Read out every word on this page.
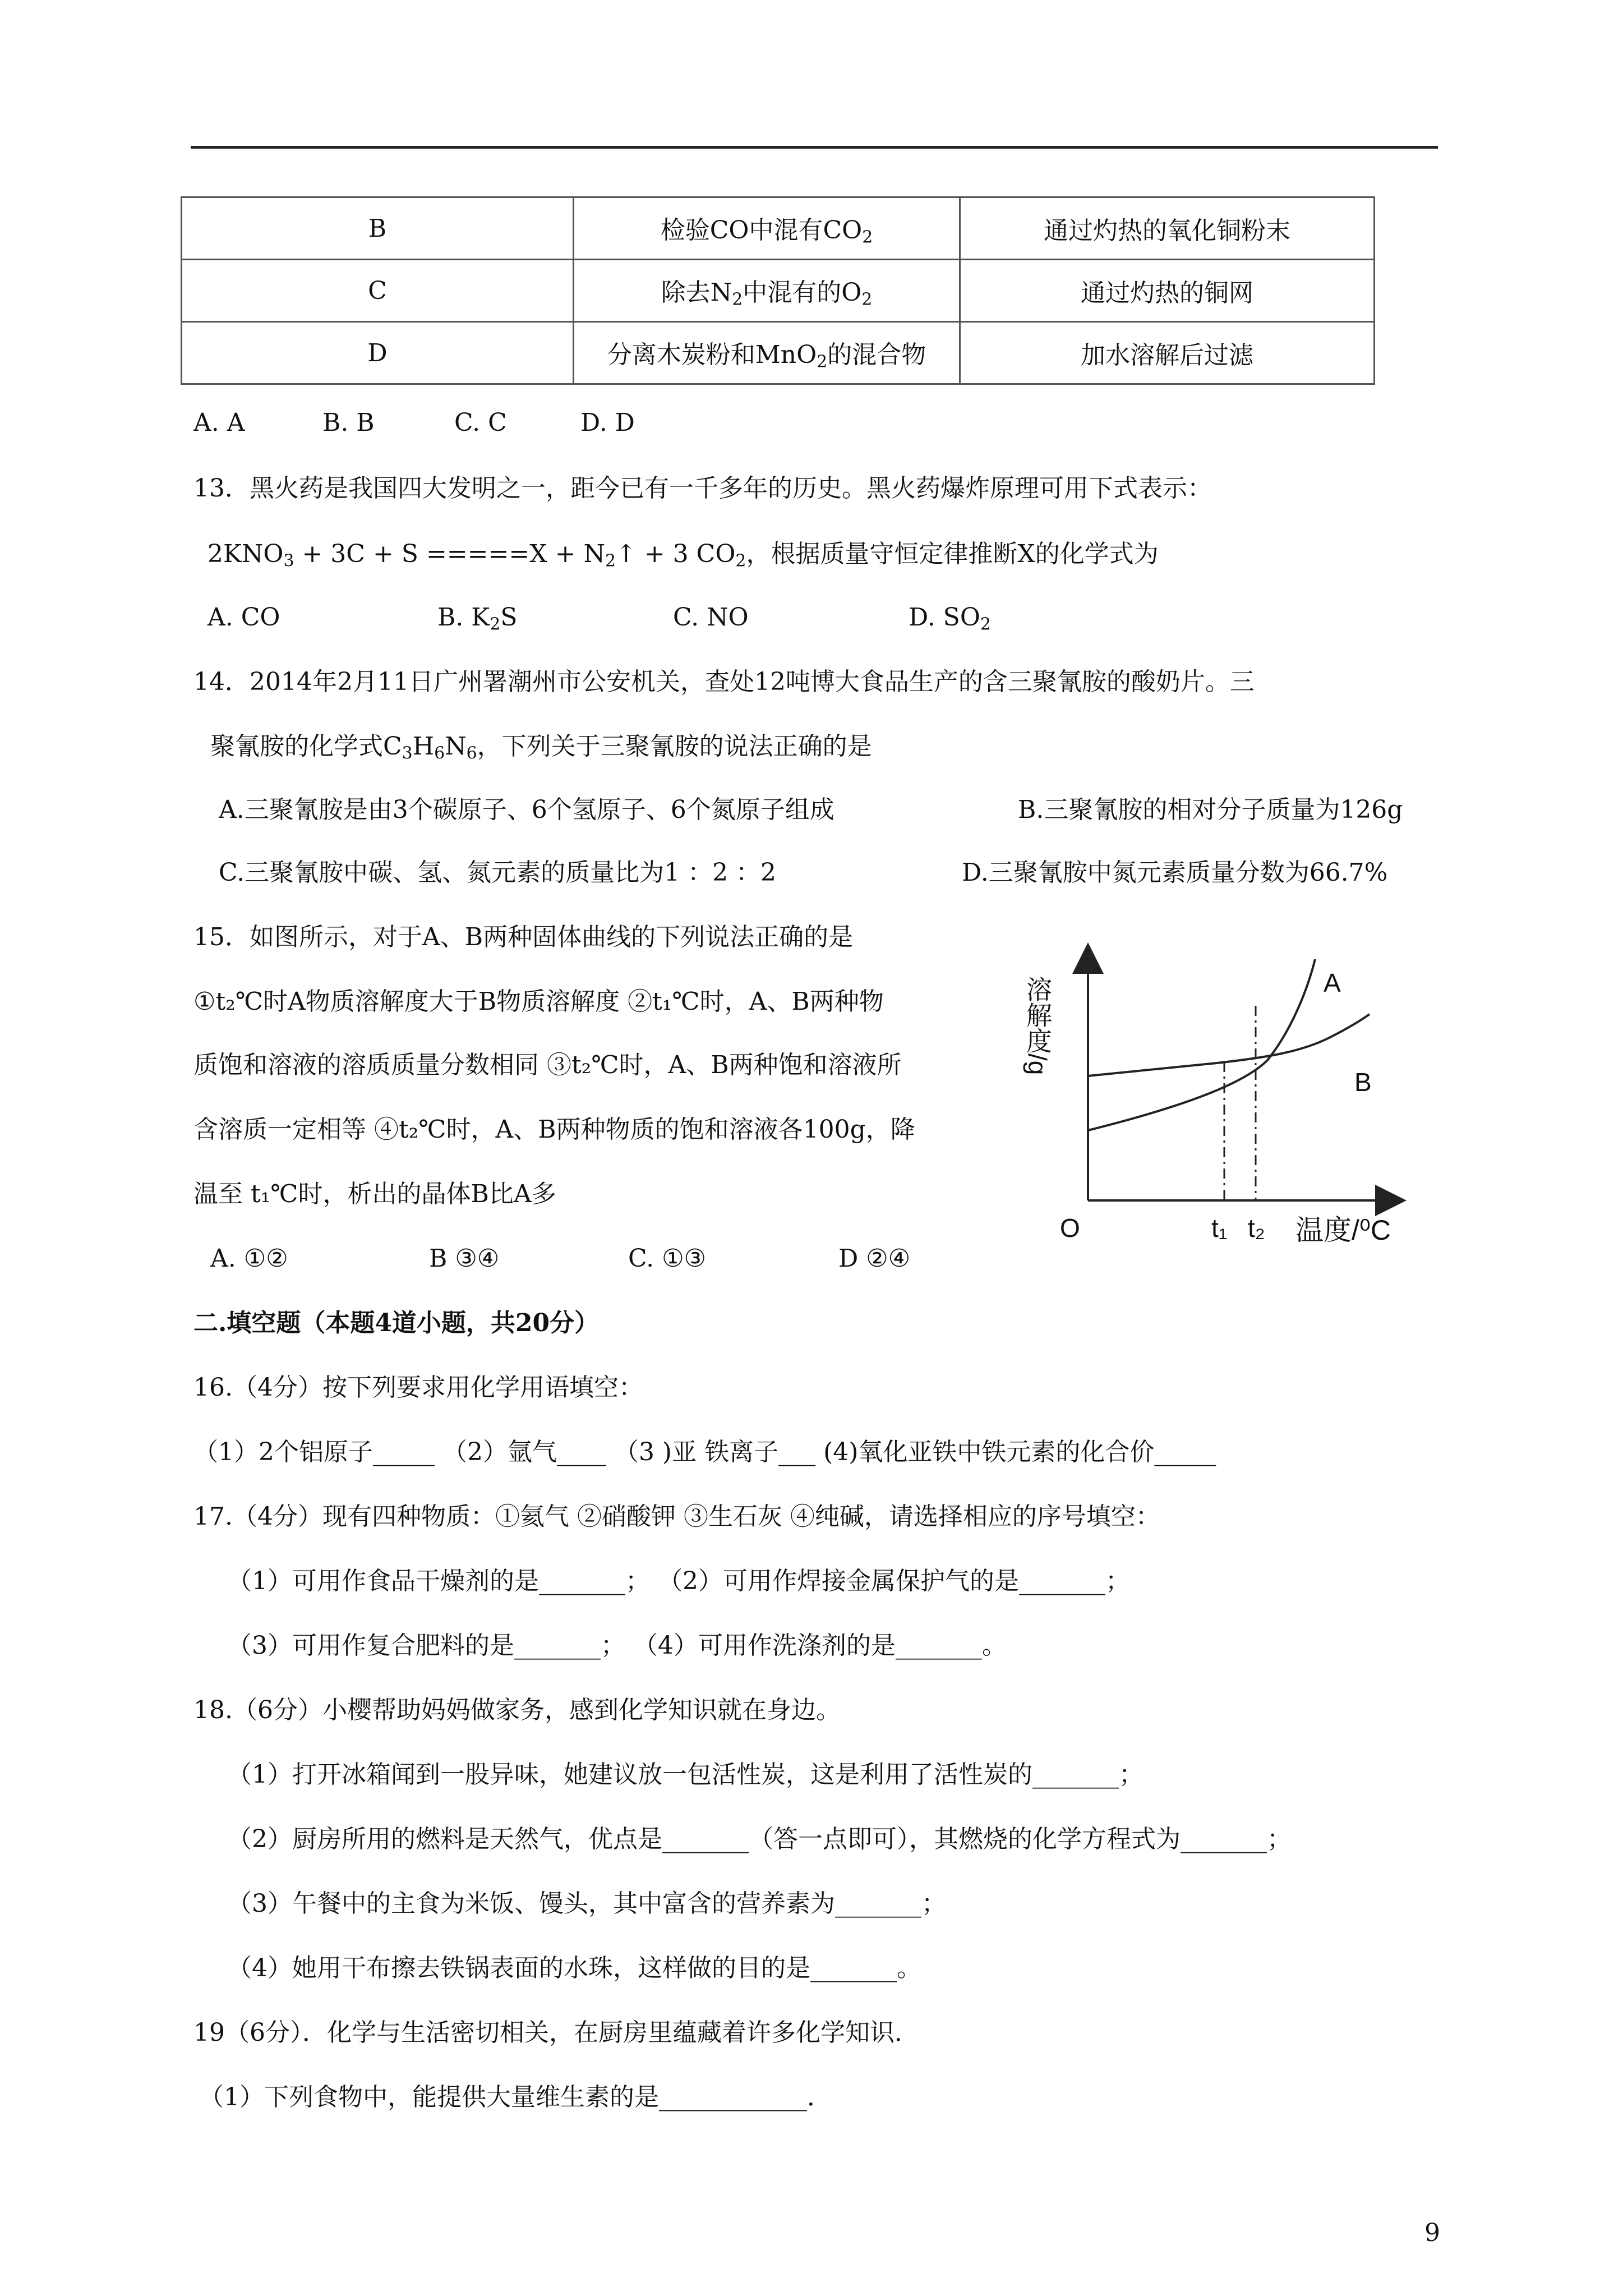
B	检验CO中混有$CO_2$	通过灼热的氧化铜粉末
C	除去$N_2$中混有的$O_2$	通过灼热的铜网
D	分离木炭粉和MnO$_2$的混合物	加水溶解后过滤
A. A	B. B	C. C	D. D
13．黑火药是我国四大发明之一，距今已有一千多年的历史。黑火药爆炸原理可用下式表示：
$2KNO_3 + 3C + S =====X$ + $N_2↑ + 3$ $CO_2$，根据质量守恒定律推断X的化学式为
A. CO	B. $K_2S$	C. NO	D. $SO_2$
14．2014年2月11日广州署潮州市公安机关，查处12吨博大食品生产的含三聚氰胺的酸奶片。三
聚氰胺的化学式$C_3H_6N_6$，下列关于三聚氰胺的说法正确的是
A.三聚氰胺是由3个碳原子、6个氢原子、6个氮原子组成	B.三聚氰胺的相对分子质量为126g
C.三聚氰胺中碳、氢、氮元素的质量比为1 ：2 ：2	D.三聚氰胺中氮元素质量分数为66.7%
15．如图所示，对于A、B两种固体曲线的下列说法正确的是
①t₂℃时A物质溶解度大于B物质溶解度 ②t₁℃时，A、B两种物
质饱和溶液的溶质质量分数相同 ③t₂℃时，A、B两种饱和溶液所
含溶质一定相等 ④t₂℃时，A、B两种物质的饱和溶液各100g，降
温至 t₁℃时，析出的晶体B比A多
A. ①②	B ③④	C. ①③	D ②④
溶解度/g
O
A
B
t₁ t₂ 温度/⁰C
二.填空题（本题4道小题，共20分）
16.（4分）按下列要求用化学用语填空：
（1）2个铝原子_____ （2）氩气____ （3 )亚 铁离子___ (4)氧化亚铁中铁元素的化合价_____
17.（4分）现有四种物质：①氦气 ②硝酸钾 ③生石灰 ④纯碱，请选择相应的序号填空：
（1）可用作食品干燥剂的是_______； （2）可用作焊接金属保护气的是_______；
（3）可用作复合肥料的是_______； （4）可用作洗涤剂的是_______。
18.（6分）小樱帮助妈妈做家务，感到化学知识就在身边。
（1）打开冰箱闻到一股异味，她建议放一包活性炭，这是利用了活性炭的_______；
（2）厨房所用的燃料是天然气，优点是_______（答一点即可），其燃烧的化学方程式为_______；
（3）午餐中的主食为米饭、馒头，其中富含的营养素为_______；
（4）她用干布擦去铁锅表面的水珠，这样做的目的是_______。
19（6分）．化学与生活密切相关，在厨房里蕴藏着许多化学知识．
（1）下列食物中，能提供大量维生素的是____________．
9
